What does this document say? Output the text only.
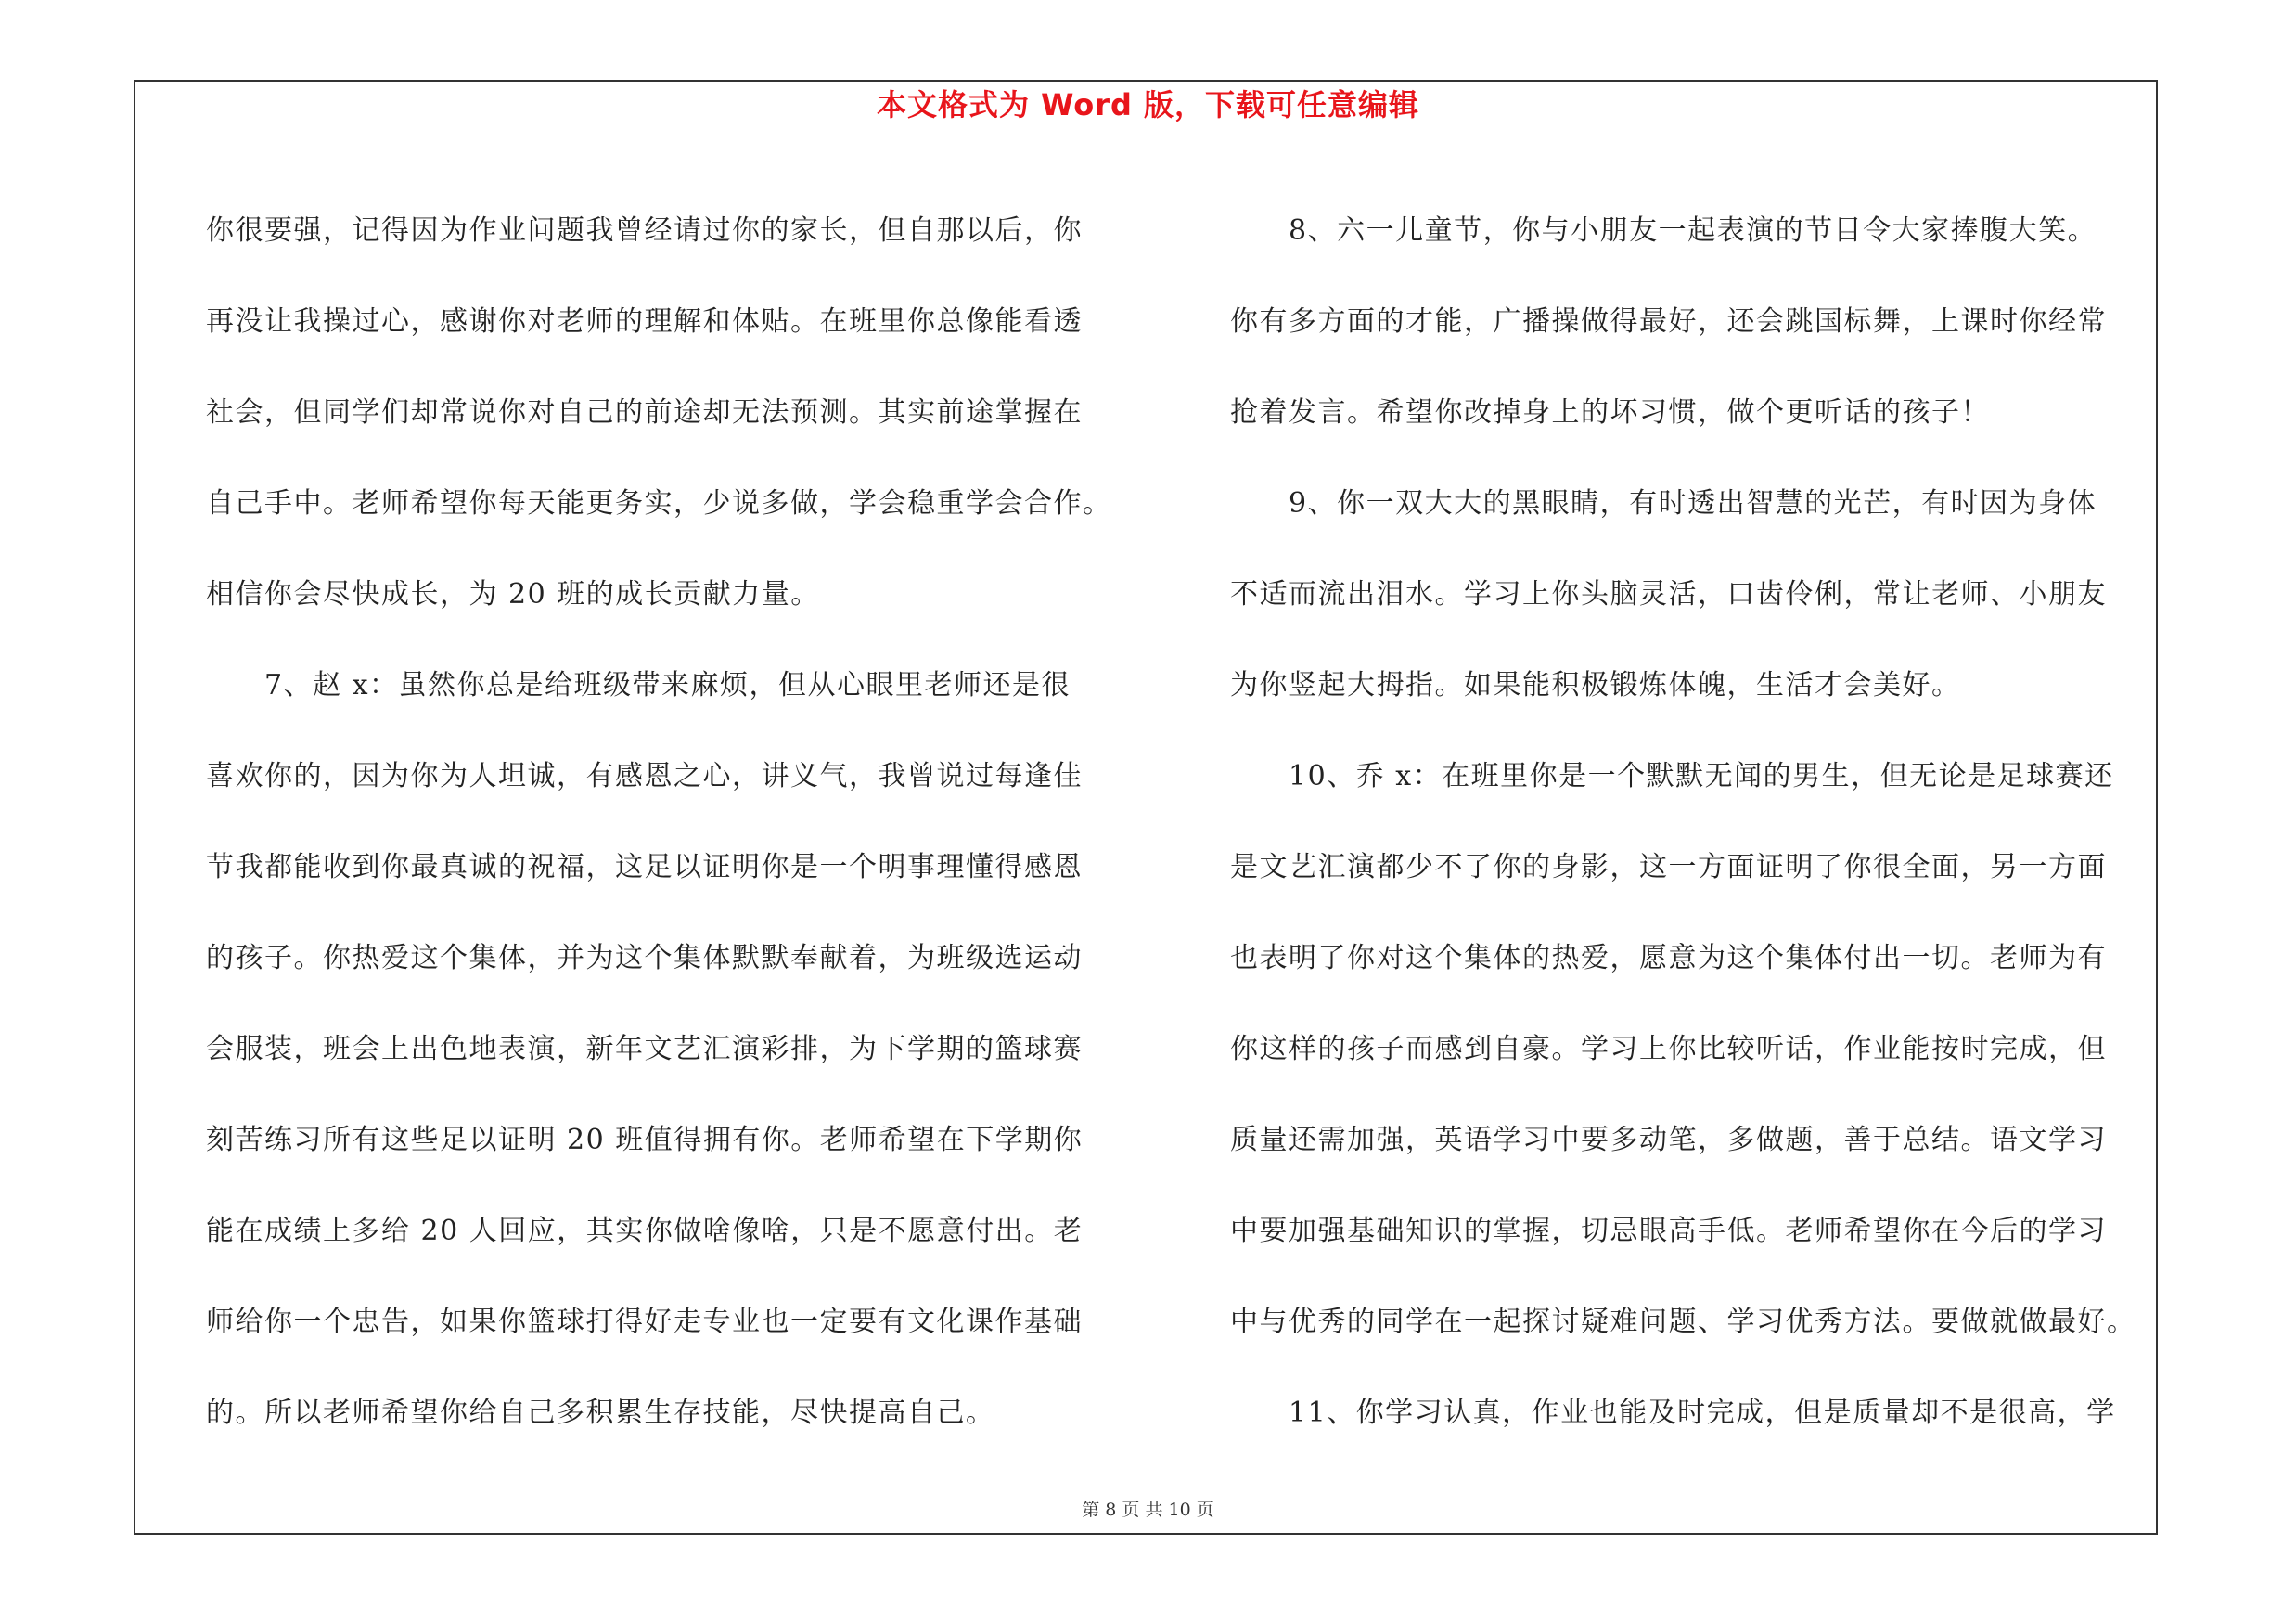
本文格式为 Word 版，下载可任意编辑

你很要强，记得因为作业问题我曾经请过你的家长，但自那以后，你

再没让我操过心，感谢你对老师的理解和体贴。在班里你总像能看透

社会，但同学们却常说你对自己的前途却无法预测。其实前途掌握在

自己手中。老师希望你每天能更务实，少说多做，学会稳重学会合作。

相信你会尽快成长，为 20 班的成长贡献力量。

　　7、赵 x：虽然你总是给班级带来麻烦，但从心眼里老师还是很

喜欢你的，因为你为人坦诚，有感恩之心，讲义气，我曾说过每逢佳

节我都能收到你最真诚的祝福，这足以证明你是一个明事理懂得感恩

的孩子。你热爱这个集体，并为这个集体默默奉献着，为班级选运动

会服装，班会上出色地表演，新年文艺汇演彩排，为下学期的篮球赛

刻苦练习所有这些足以证明 20 班值得拥有你。老师希望在下学期你

能在成绩上多给 20 人回应，其实你做啥像啥，只是不愿意付出。老

师给你一个忠告，如果你篮球打得好走专业也一定要有文化课作基础

的。所以老师希望你给自己多积累生存技能，尽快提高自己。

　　8、六一儿童节，你与小朋友一起表演的节目令大家捧腹大笑。

你有多方面的才能，广播操做得最好，还会跳国标舞，上课时你经常

抢着发言。希望你改掉身上的坏习惯，做个更听话的孩子！

　　9、你一双大大的黑眼睛，有时透出智慧的光芒，有时因为身体

不适而流出泪水。学习上你头脑灵活，口齿伶俐，常让老师、小朋友

为你竖起大拇指。如果能积极锻炼体魄，生活才会美好。

　　10、乔 x：在班里你是一个默默无闻的男生，但无论是足球赛还

是文艺汇演都少不了你的身影，这一方面证明了你很全面，另一方面

也表明了你对这个集体的热爱，愿意为这个集体付出一切。老师为有

你这样的孩子而感到自豪。学习上你比较听话，作业能按时完成，但

质量还需加强，英语学习中要多动笔，多做题，善于总结。语文学习

中要加强基础知识的掌握，切忌眼高手低。老师希望你在今后的学习

中与优秀的同学在一起探讨疑难问题、学习优秀方法。要做就做最好。

　　11、你学习认真，作业也能及时完成，但是质量却不是很高，学

第 8 页 共 10 页
